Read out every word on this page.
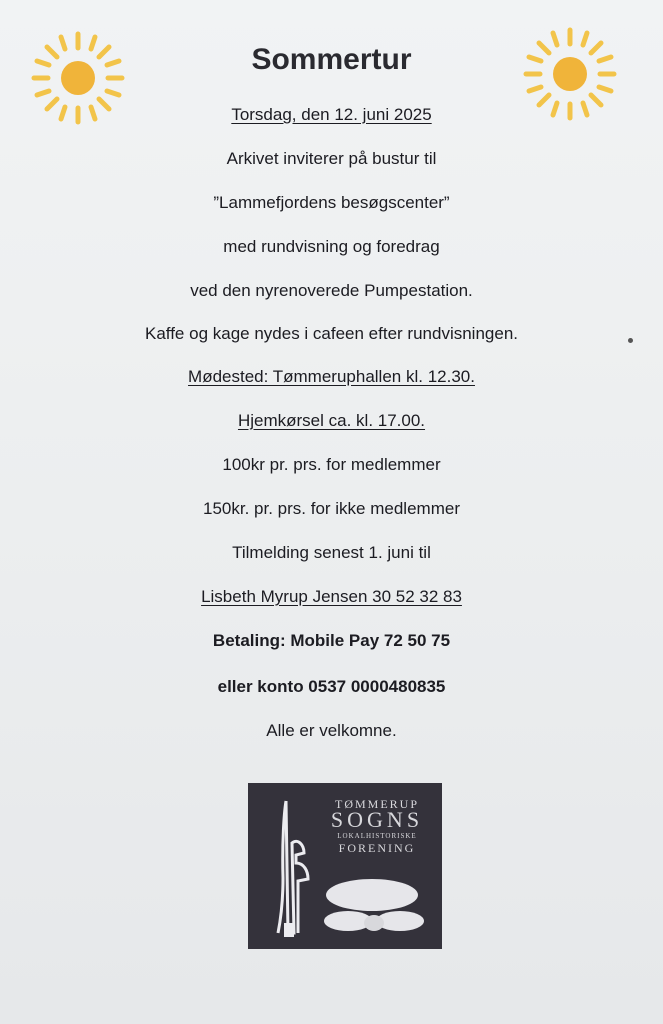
Sommertur
Torsdag, den 12. juni 2025
Arkivet inviterer på bustur til
”Lammefjordens besøgscenter”
med rundvisning og foredrag
ved den nyrenoverede Pumpestation.
Kaffe og kage nydes i cafeen efter rundvisningen.
Mødested: Tømmeruphallen kl. 12.30.
Hjemkørsel ca. kl. 17.00.
100kr pr. prs. for medlemmer
150kr. pr. prs. for ikke medlemmer
Tilmelding senest 1. juni til
Lisbeth Myrup Jensen 30 52 32 83
Betaling: Mobile Pay 72 50 75
eller konto 0537 0000480835
Alle er velkomne.
TØMMERUP
SOGNS
LOKALHISTORISKE
FORENING
